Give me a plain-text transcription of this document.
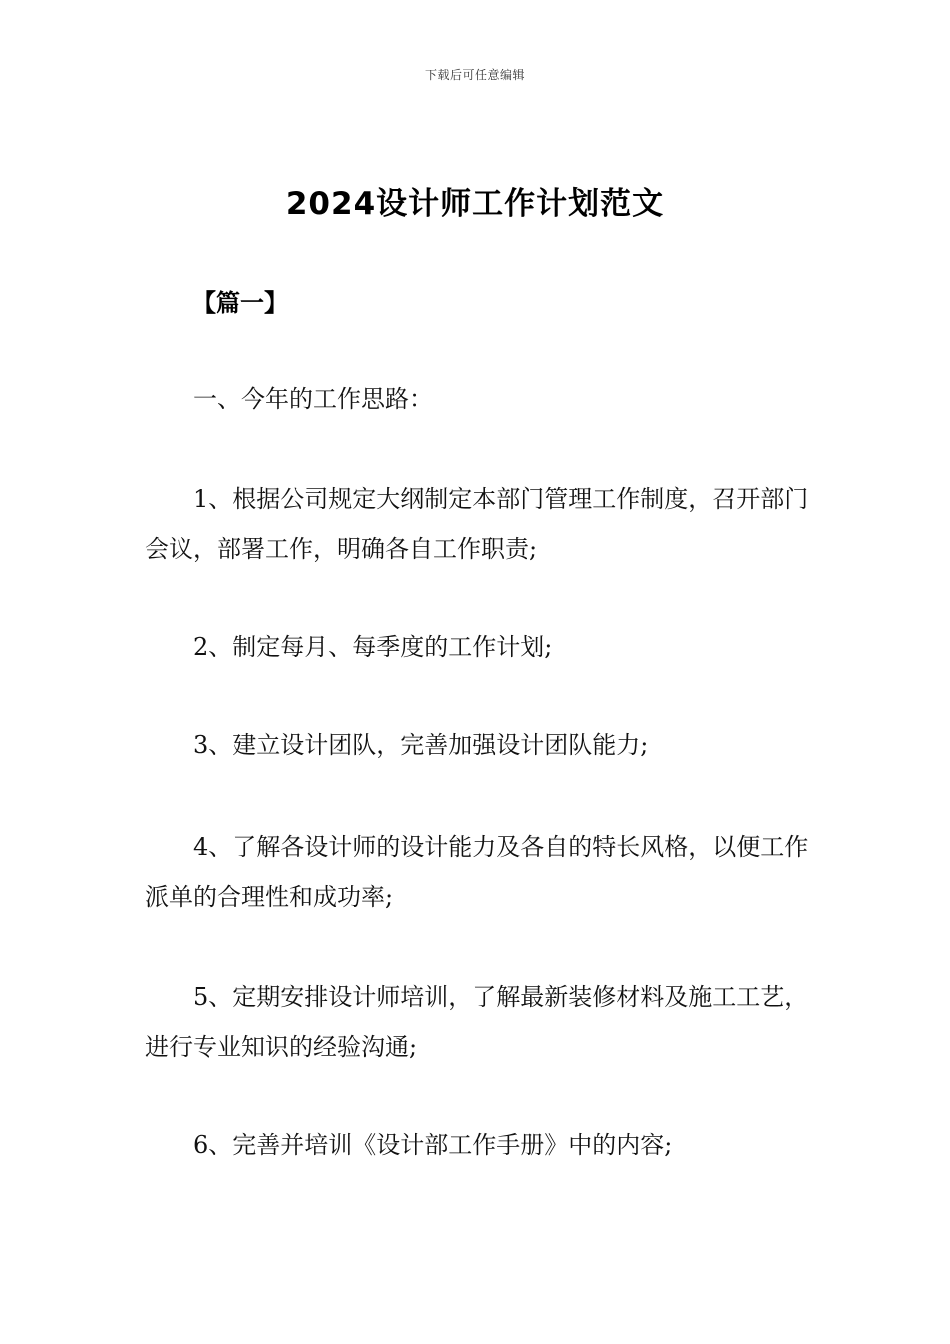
下载后可任意编辑
2024设计师工作计划范文
【篇一】

一、今年的工作思路：

1、根据公司规定大纲制定本部门管理工作制度，召开部门会议，部署工作，明确各自工作职责;

2、制定每月、每季度的工作计划;

3、建立设计团队，完善加强设计团队能力;

4、了解各设计师的设计能力及各自的特长风格，以便工作派单的合理性和成功率;

5、定期安排设计师培训，了解最新装修材料及施工工艺，进行专业知识的经验沟通;

6、完善并培训《设计部工作手册》中的内容;
